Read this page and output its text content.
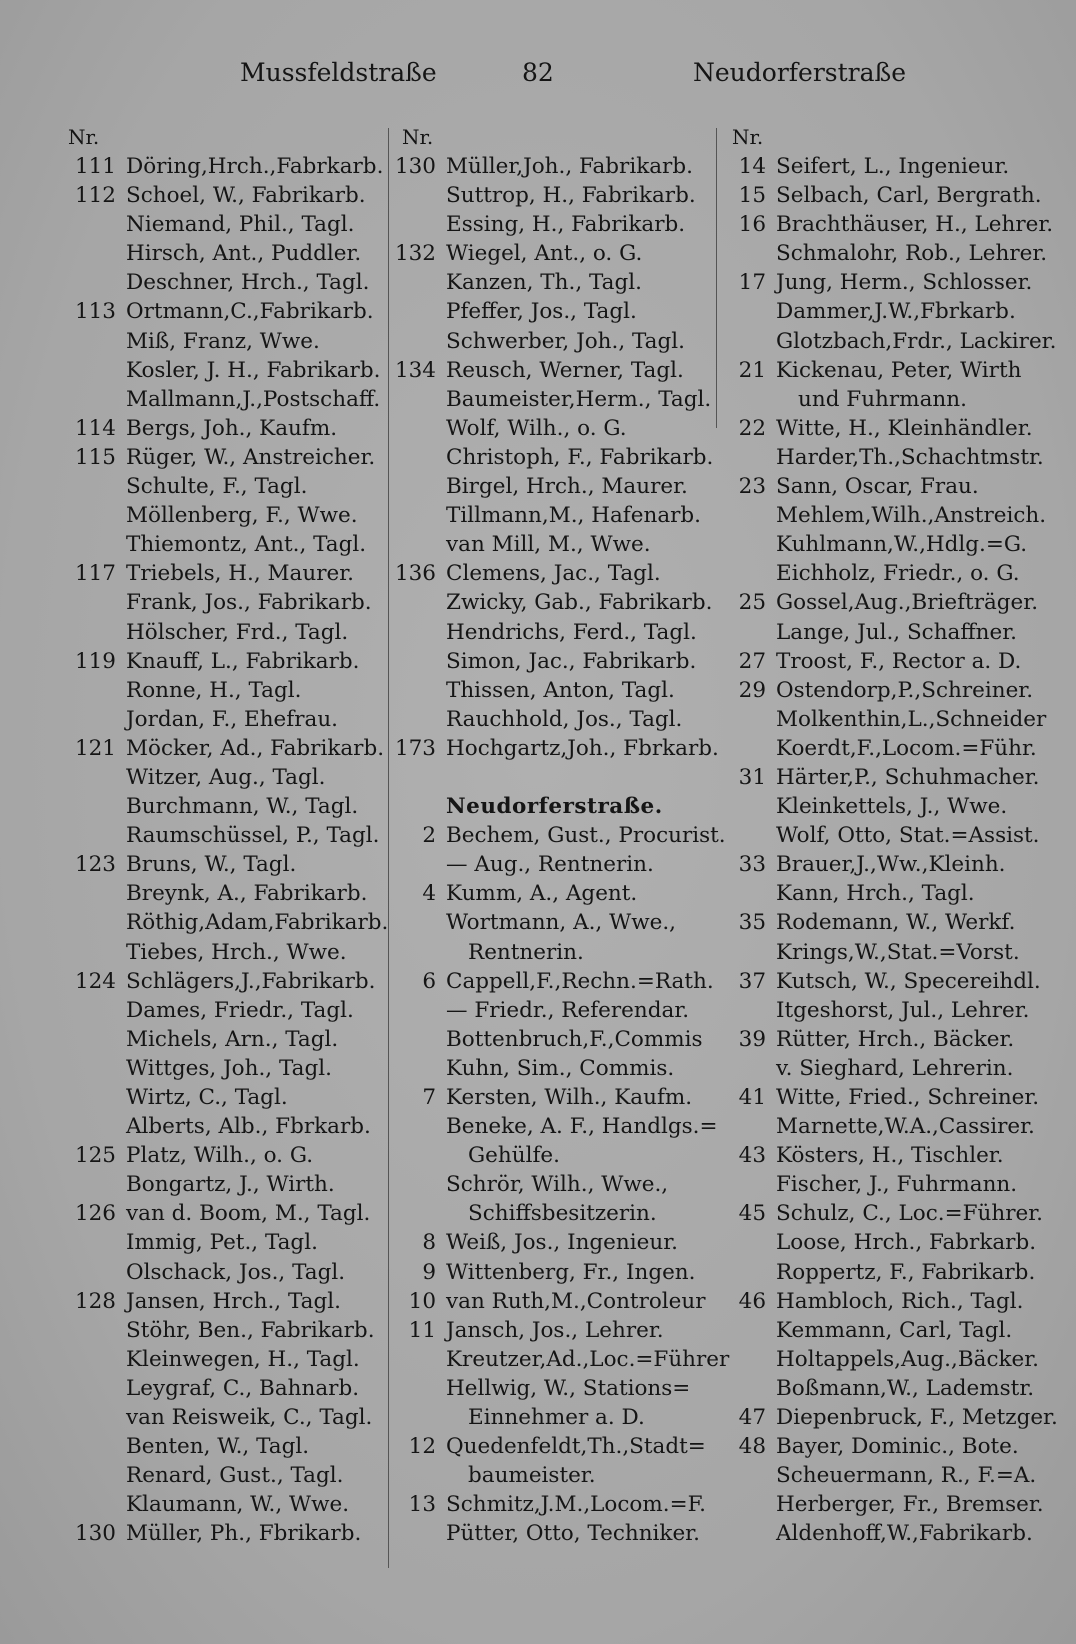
Mussfeldstraße	82	Neudorferstraße
Nr.
111 Döring,Hrch.,Fabrkarb.
112 Schoel, W., Fabrikarb.
Niemand, Phil., Tagl.
Hirsch, Ant., Puddler.
Deschner, Hrch., Tagl.
113 Ortmann,C.,Fabrikarb.
Miß, Franz, Wwe.
Kosler, J. H., Fabrikarb.
Mallmann,J.,Postschaff.
114 Bergs, Joh., Kaufm.
115 Rüger, W., Anstreicher.
Schulte, F., Tagl.
Möllenberg, F., Wwe.
Thiemontz, Ant., Tagl.
117 Triebels, H., Maurer.
Frank, Jos., Fabrikarb.
Hölscher, Frd., Tagl.
119 Knauff, L., Fabrikarb.
Ronne, H., Tagl.
Jordan, F., Ehefrau.
121 Möcker, Ad., Fabrikarb.
Witzer, Aug., Tagl.
Burchmann, W., Tagl.
Raumschüssel, P., Tagl.
123 Bruns, W., Tagl.
Breynk, A., Fabrikarb.
Röthig,Adam,Fabrikarb.
Tiebes, Hrch., Wwe.
124 Schlägers,J.,Fabrikarb.
Dames, Friedr., Tagl.
Michels, Arn., Tagl.
Wittges, Joh., Tagl.
Wirtz, C., Tagl.
Alberts, Alb., Fbrkarb.
125 Platz, Wilh., o. G.
Bongartz, J., Wirth.
126 van d. Boom, M., Tagl.
Immig, Pet., Tagl.
Olschack, Jos., Tagl.
128 Jansen, Hrch., Tagl.
Stöhr, Ben., Fabrikarb.
Kleinwegen, H., Tagl.
Leygraf, C., Bahnarb.
van Reisweik, C., Tagl.
Benten, W., Tagl.
Renard, Gust., Tagl.
Klaumann, W., Wwe.
130 Müller, Ph., Fbrikarb.
Nr.
130 Müller,Joh., Fabrikarb.
Suttrop, H., Fabrikarb.
Essing, H., Fabrikarb.
132 Wiegel, Ant., o. G.
Kanzen, Th., Tagl.
Pfeffer, Jos., Tagl.
Schwerber, Joh., Tagl.
134 Reusch, Werner, Tagl.
Baumeister,Herm., Tagl.
Wolf, Wilh., o. G.
Christoph, F., Fabrikarb.
Birgel, Hrch., Maurer.
Tillmann,M., Hafenarb.
van Mill, M., Wwe.
136 Clemens, Jac., Tagl.
Zwicky, Gab., Fabrikarb.
Hendrichs, Ferd., Tagl.
Simon, Jac., Fabrikarb.
Thissen, Anton, Tagl.
Rauchhold, Jos., Tagl.
173 Hochgartz,Joh., Fbrkarb.
Neudorferstraße.
2 Bechem, Gust., Procurist.
— Aug., Rentnerin.
4 Kumm, A., Agent.
Wortmann, A., Wwe.,
Rentnerin.
6 Cappell,F.,Rechn.=Rath.
— Friedr., Referendar.
Bottenbruch,F.,Commis
Kuhn, Sim., Commis.
7 Kersten, Wilh., Kaufm.
Beneke, A. F., Handlgs.=
Gehülfe.
Schrör, Wilh., Wwe.,
Schiffsbesitzerin.
8 Weiß, Jos., Ingenieur.
9 Wittenberg, Fr., Ingen.
10 van Ruth,M.,Controleur
11 Jansch, Jos., Lehrer.
Kreutzer,Ad.,Loc.=Führer
Hellwig, W., Stations=
Einnehmer a. D.
12 Quedenfeldt,Th.,Stadt=
baumeister.
13 Schmitz,J.M.,Locom.=F.
Pütter, Otto, Techniker.
Nr.
14 Seifert, L., Ingenieur.
15 Selbach, Carl, Bergrath.
16 Brachthäuser, H., Lehrer.
Schmalohr, Rob., Lehrer.
17 Jung, Herm., Schlosser.
Dammer,J.W.,Fbrkarb.
Glotzbach,Frdr., Lackirer.
21 Kickenau, Peter, Wirth
und Fuhrmann.
22 Witte, H., Kleinhändler.
Harder,Th.,Schachtmstr.
23 Sann, Oscar, Frau.
Mehlem,Wilh.,Anstreich.
Kuhlmann,W.,Hdlg.=G.
Eichholz, Friedr., o. G.
25 Gossel,Aug.,Briefträger.
Lange, Jul., Schaffner.
27 Troost, F., Rector a. D.
29 Ostendorp,P.,Schreiner.
Molkenthin,L.,Schneider
Koerdt,F.,Locom.=Führ.
31 Härter,P., Schuhmacher.
Kleinkettels, J., Wwe.
Wolf, Otto, Stat.=Assist.
33 Brauer,J.,Ww.,Kleinh.
Kann, Hrch., Tagl.
35 Rodemann, W., Werkf.
Krings,W.,Stat.=Vorst.
37 Kutsch, W., Specereihdl.
Itgeshorst, Jul., Lehrer.
39 Rütter, Hrch., Bäcker.
v. Sieghard, Lehrerin.
41 Witte, Fried., Schreiner.
Marnette,W.A.,Cassirer.
43 Kösters, H., Tischler.
Fischer, J., Fuhrmann.
45 Schulz, C., Loc.=Führer.
Loose, Hrch., Fabrkarb.
Roppertz, F., Fabrikarb.
46 Hambloch, Rich., Tagl.
Kemmann, Carl, Tagl.
Holtappels,Aug.,Bäcker.
Boßmann,W., Lademstr.
47 Diepenbruck, F., Metzger.
48 Bayer, Dominic., Bote.
Scheuermann, R., F.=A.
Herberger, Fr., Bremser.
Aldenhoff,W.,Fabrikarb.
